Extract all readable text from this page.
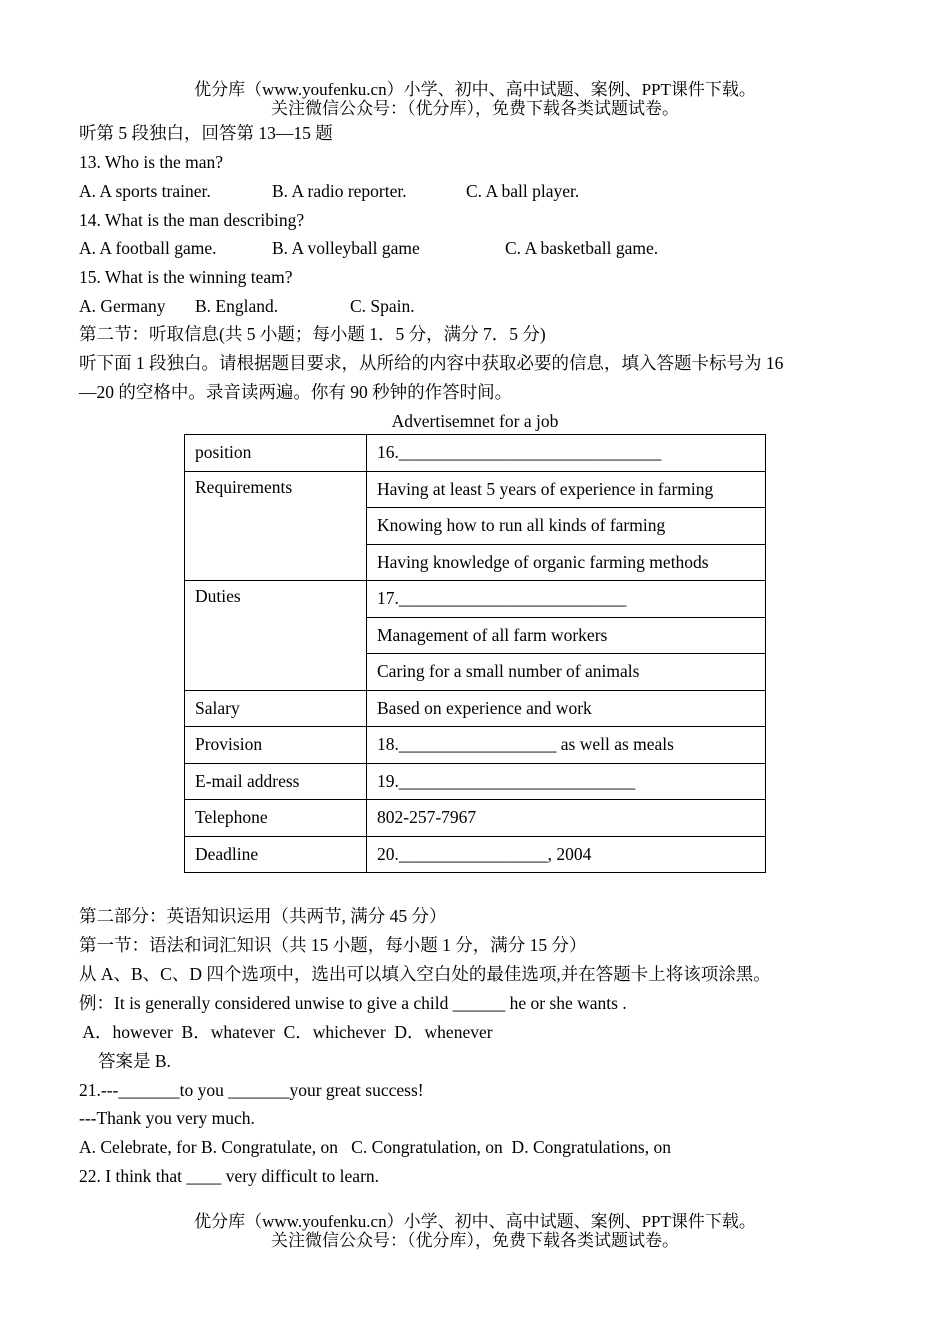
优分库（www.youfenku.cn）小学、初中、高中试题、案例、PPT课件下载。
关注微信公众号：（优分库），免费下载各类试题试卷。
听第 5 段独白，回答第 13—15 题
13. Who is the man?
A. A sports trainer.	B. A radio reporter.	C. A ball player.
14. What is the man describing?
A. A football game.	B. A volleyball game	C. A basketball game.
15. What is the winning team?
A. Germany B. England.	C. Spain.
第二节：听取信息(共 5 小题；每小题 1．5 分，满分 7．5 分)
听下面 1 段独白。请根据题目要求，从所给的内容中获取必要的信息，填入答题卡标号为 16
—20 的空格中。录音读两遍。你有 90 秒钟的作答时间。
Advertisemnet for a job
position	16.______________________________
Requirements	Having at least 5 years of experience in farming
	Knowing how to run all kinds of farming
	Having knowledge of organic farming methods
Duties	17.__________________________
	Management of all farm workers
	Caring for a small number of animals
Salary	Based on experience and work
Provision	18.__________________ as well as meals
E-mail address	19.___________________________
Telephone	802-257-7967
Deadline	20._________________, 2004
第二部分：英语知识运用（共两节, 满分 45 分）
第一节：语法和词汇知识（共 15 小题，每小题 1 分，满分 15 分）
从 A、B、C、D 四个选项中，选出可以填入空白处的最佳选项,并在答题卡上将该项涂黑。
例：It is generally considered unwise to give a child ______ he or she wants .
A．however  B．whatever  C．whichever  D．whenever
答案是 B.
21.---_______to you _______your great success!
---Thank you very much.
A. Celebrate, for B. Congratulate, on   C. Congratulation, on  D. Congratulations, on
22. I think that ____ very difficult to learn.
优分库（www.youfenku.cn）小学、初中、高中试题、案例、PPT课件下载。
关注微信公众号：（优分库），免费下载各类试题试卷。
